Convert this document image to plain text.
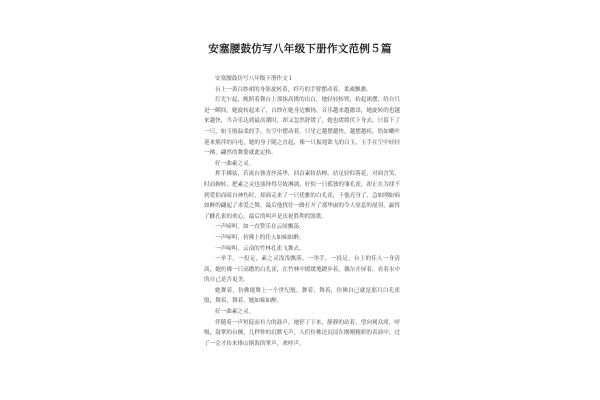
安塞腰鼓仿写八年级下册作文范例５篇

安塞腰鼓仿写八年级下册作文１

台上一袭白纱裙的身影旋转着，纤巧的手臂摆动着，柔魂飘渺。

灯光乍起，晚照着舞台上那抹高挑的出白，她轻轻转臂，抬起裙摆，给自只是一瞬间，她旋转起来了，白纱在她身边飘扬，音乐越来越激昂，她旋转的也越来越快，当音乐达到最高潮时，却又忽然舒缓了，她也缓缓伏下身去，只留下了一只，如玉般温柔的手，在空中摆动着，只见它越摆越快，越摆越疾，恰如嫩叶迎来熊萍的闪电，她的身子随之直起，像一只振翅欲飞的白玉，玉手在空中轻轻一拂，翩然的舞姿就此定格。

好一曲素之灵。

挥手拂弦，若流台独青丝荡华，回首素妆拈蝉，拈足轻似落花，对面含笑，时而婉转，把素之灵也演绎得尽致淋漓，好似一只孤独的雏孔雀，却正在为找不到爱伯而暗自神伤时，却面走来了一只优雅的白孔雀，于他亮身了，急如刚如痴如醉的翩起了求爱之舞，最后他找往一路打开了那华丽的令人窒息的尾羽，赢得了雌孔雀的欢心，最后的叫声是庆祝胜利的凯歌。

一声啼叫，如一直赞乐在云间飘荡。

一声啼叫，仿佛上的佳人如痴如醉。

一声啼叫，云南的竹林孔雀飞舞去。

一举手，一投足，素之灵浅浅飘落。一举手，一投足，台上的佳人一身清高，她仿佛一只高傲的白孔雀，在竹林中缓缓地踱步着，偶尔开屏着，看着水中的自己是否更美。

她舞着，仿佛能舞上一个世纪般，舞着，舞着，仿佛自己就是那只白孔雀般，舞着，舞着，她如痴如醉。

好一曲素之灵。

伴随着一声短促而有力的鼓声，她停了下来，静静的站着，望向观众席，呼吸，鼓掌的台侧，几秒钟的沉默无声，人们仿佛还沉浸在刚刚精彩的表演中，过了一会才传来排山倒海的掌声，欢呼声。
